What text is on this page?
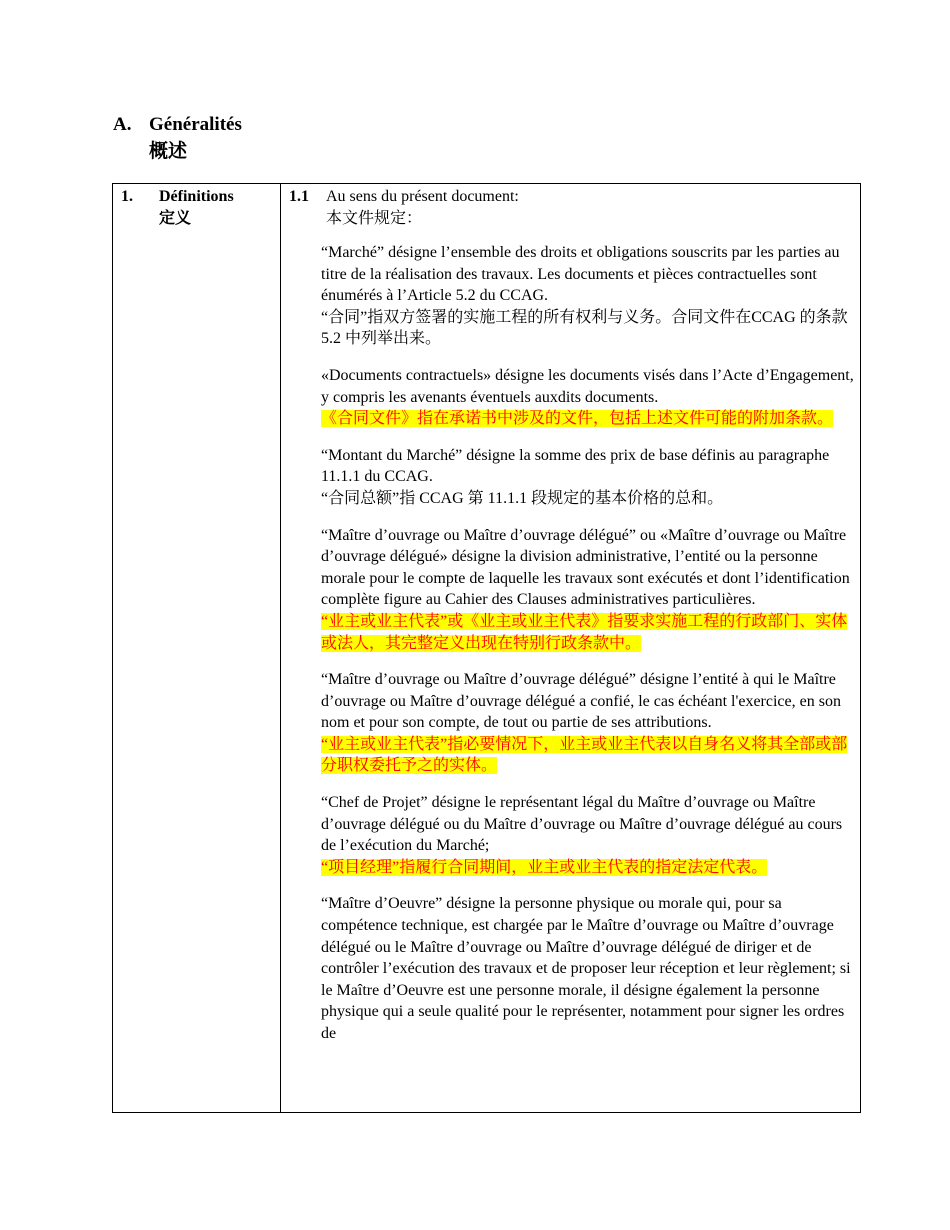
A. Généralités
概述
1. Définitions
定义
1.1 Au sens du présent document:
本文件规定：

“Marché” désigne l’ensemble des droits et obligations souscrits par les parties au titre de la réalisation des travaux. Les documents et pièces contractuelles sont énumérés à l’Article 5.2 du CCAG.

“合同”指双方签署的实施工程的所有权利与义务。合同文件在CCAG 的条款 5.2 中列举出来。

«Documents contractuels» désigne les documents visés dans l’Acte d’Engagement, y compris les avenants éventuels auxdits documents.

《合同文件》指在承诺书中涉及的文件，包括上述文件可能的附加条款。

“Montant du Marché” désigne la somme des prix de base définis au paragraphe 11.1.1 du CCAG.

“合同总额”指 CCAG 第 11.1.1 段规定的基本价格的总和。

“Maître d’ouvrage ou Maître d’ouvrage délégué” ou «Maître d’ouvrage ou Maître d’ouvrage délégué» désigne la division administrative, l’entité ou la personne morale pour le compte de laquelle les travaux sont exécutés et dont l’identification complète figure au Cahier des Clauses administratives particulières.

“业主或业主代表”或《业主或业主代表》指要求实施工程的行政部门、实体或法人，其完整定义出现在特别行政条款中。

“Maître d’ouvrage ou Maître d’ouvrage délégué” désigne l’entité à qui le Maître d’ouvrage ou Maître d’ouvrage délégué a confié, le cas échéant l'exercice, en son nom et pour son compte, de tout ou partie de ses attributions.

“业主或业主代表”指必要情况下，业主或业主代表以自身名义将其全部或部分职权委托予之的实体。

“Chef de Projet” désigne le représentant légal du Maître d’ouvrage ou Maître d’ouvrage délégué ou du Maître d’ouvrage ou Maître d’ouvrage délégué au cours de l’exécution du Marché;

“项目经理”指履行合同期间，业主或业主代表的指定法定代表。

“Maître d’Oeuvre” désigne la personne physique ou morale qui, pour sa compétence technique, est chargée par le Maître d’ouvrage ou Maître d’ouvrage délégué ou le Maître d’ouvrage ou Maître d’ouvrage délégué de diriger et de contrôler l’exécution des travaux et de proposer leur réception et leur règlement; si le Maître d’Oeuvre est une personne morale, il désigne également la personne physique qui a seule qualité pour le représenter, notamment pour signer les ordres de
